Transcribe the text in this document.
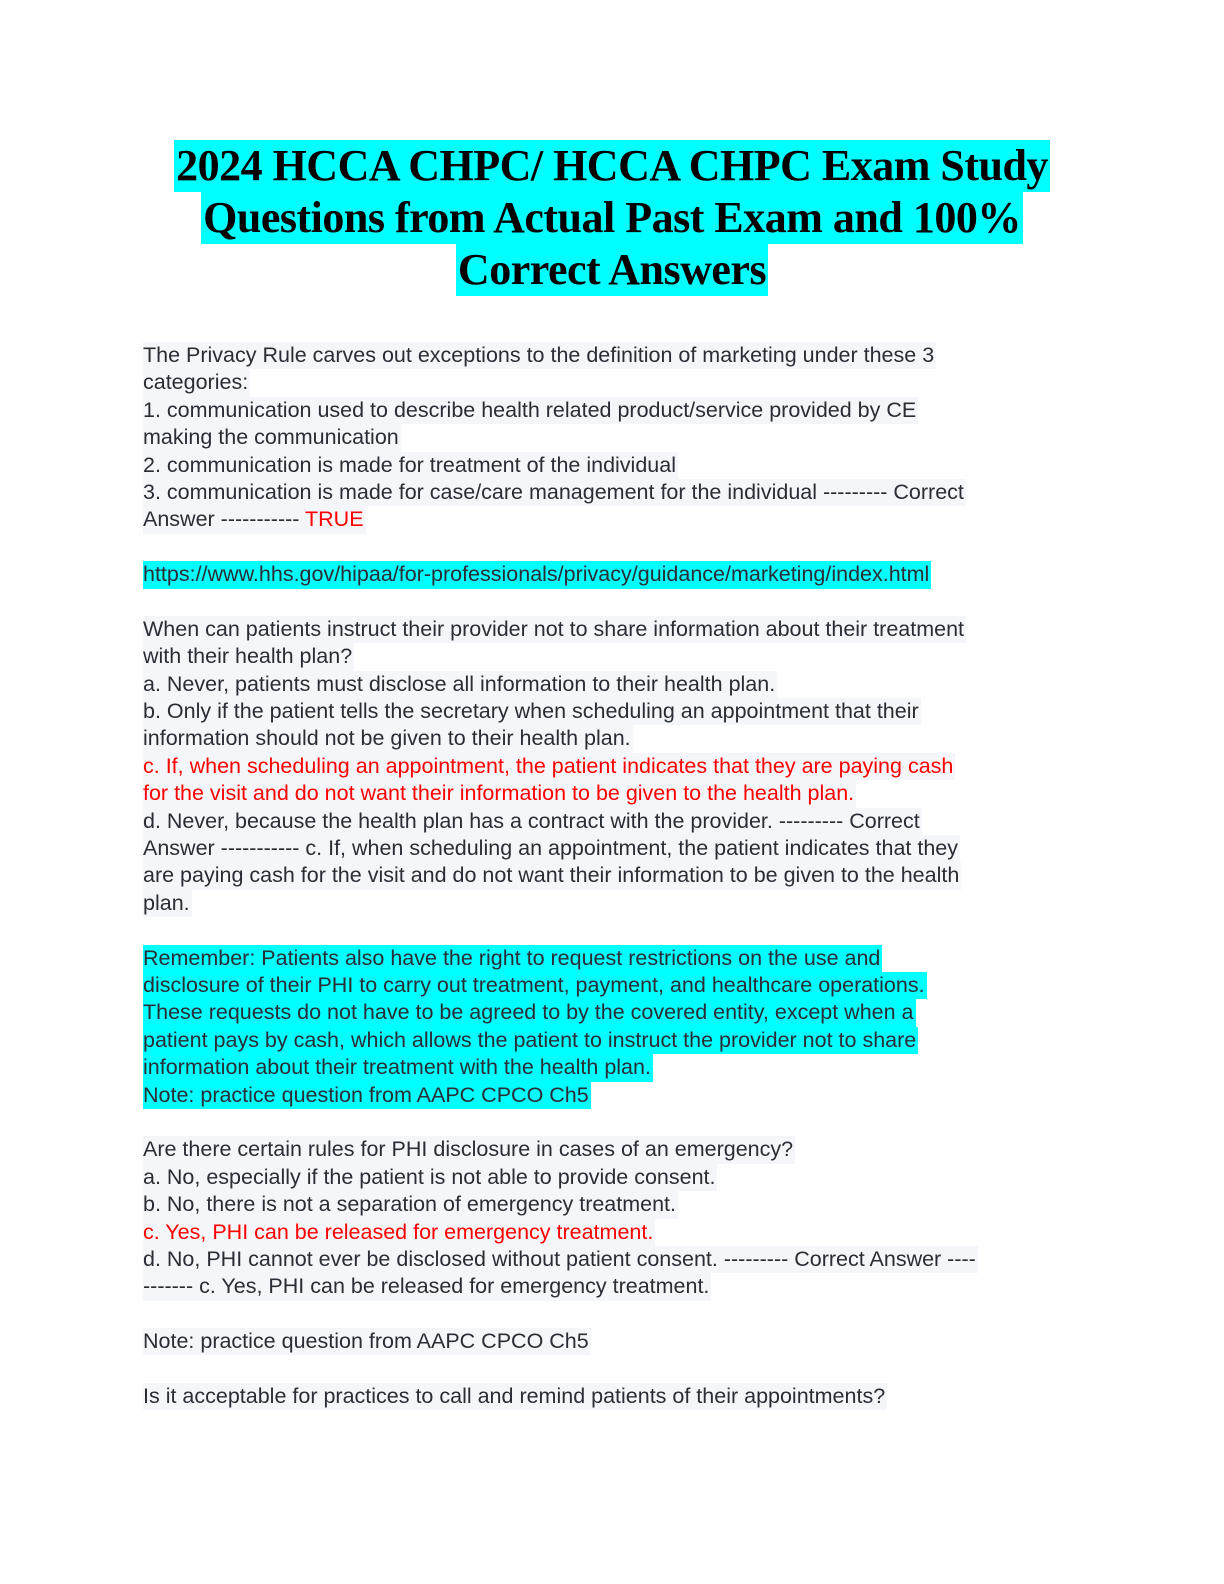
2024 HCCA CHPC/ HCCA CHPC Exam Study
Questions from Actual Past Exam and 100%
Correct Answers
The Privacy Rule carves out exceptions to the definition of marketing under these 3
categories:
1. communication used to describe health related product/service provided by CE
making the communication
2. communication is made for treatment of the individual
3. communication is made for case/care management for the individual --------- Correct
Answer ----------- TRUE
https://www.hhs.gov/hipaa/for-professionals/privacy/guidance/marketing/index.html
When can patients instruct their provider not to share information about their treatment
with their health plan?
a. Never, patients must disclose all information to their health plan.
b. Only if the patient tells the secretary when scheduling an appointment that their
information should not be given to their health plan.
c. If, when scheduling an appointment, the patient indicates that they are paying cash
for the visit and do not want their information to be given to the health plan.
d. Never, because the health plan has a contract with the provider. --------- Correct
Answer ----------- c. If, when scheduling an appointment, the patient indicates that they
are paying cash for the visit and do not want their information to be given to the health
plan.
Remember: Patients also have the right to request restrictions on the use and
disclosure of their PHI to carry out treatment, payment, and healthcare operations.
These requests do not have to be agreed to by the covered entity, except when a
patient pays by cash, which allows the patient to instruct the provider not to share
information about their treatment with the health plan.
Note: practice question from AAPC CPCO Ch5
Are there certain rules for PHI disclosure in cases of an emergency?
a. No, especially if the patient is not able to provide consent.
b. No, there is not a separation of emergency treatment.
c. Yes, PHI can be released for emergency treatment.
d. No, PHI cannot ever be disclosed without patient consent. --------- Correct Answer ----
------- c. Yes, PHI can be released for emergency treatment.
Note: practice question from AAPC CPCO Ch5
Is it acceptable for practices to call and remind patients of their appointments?
